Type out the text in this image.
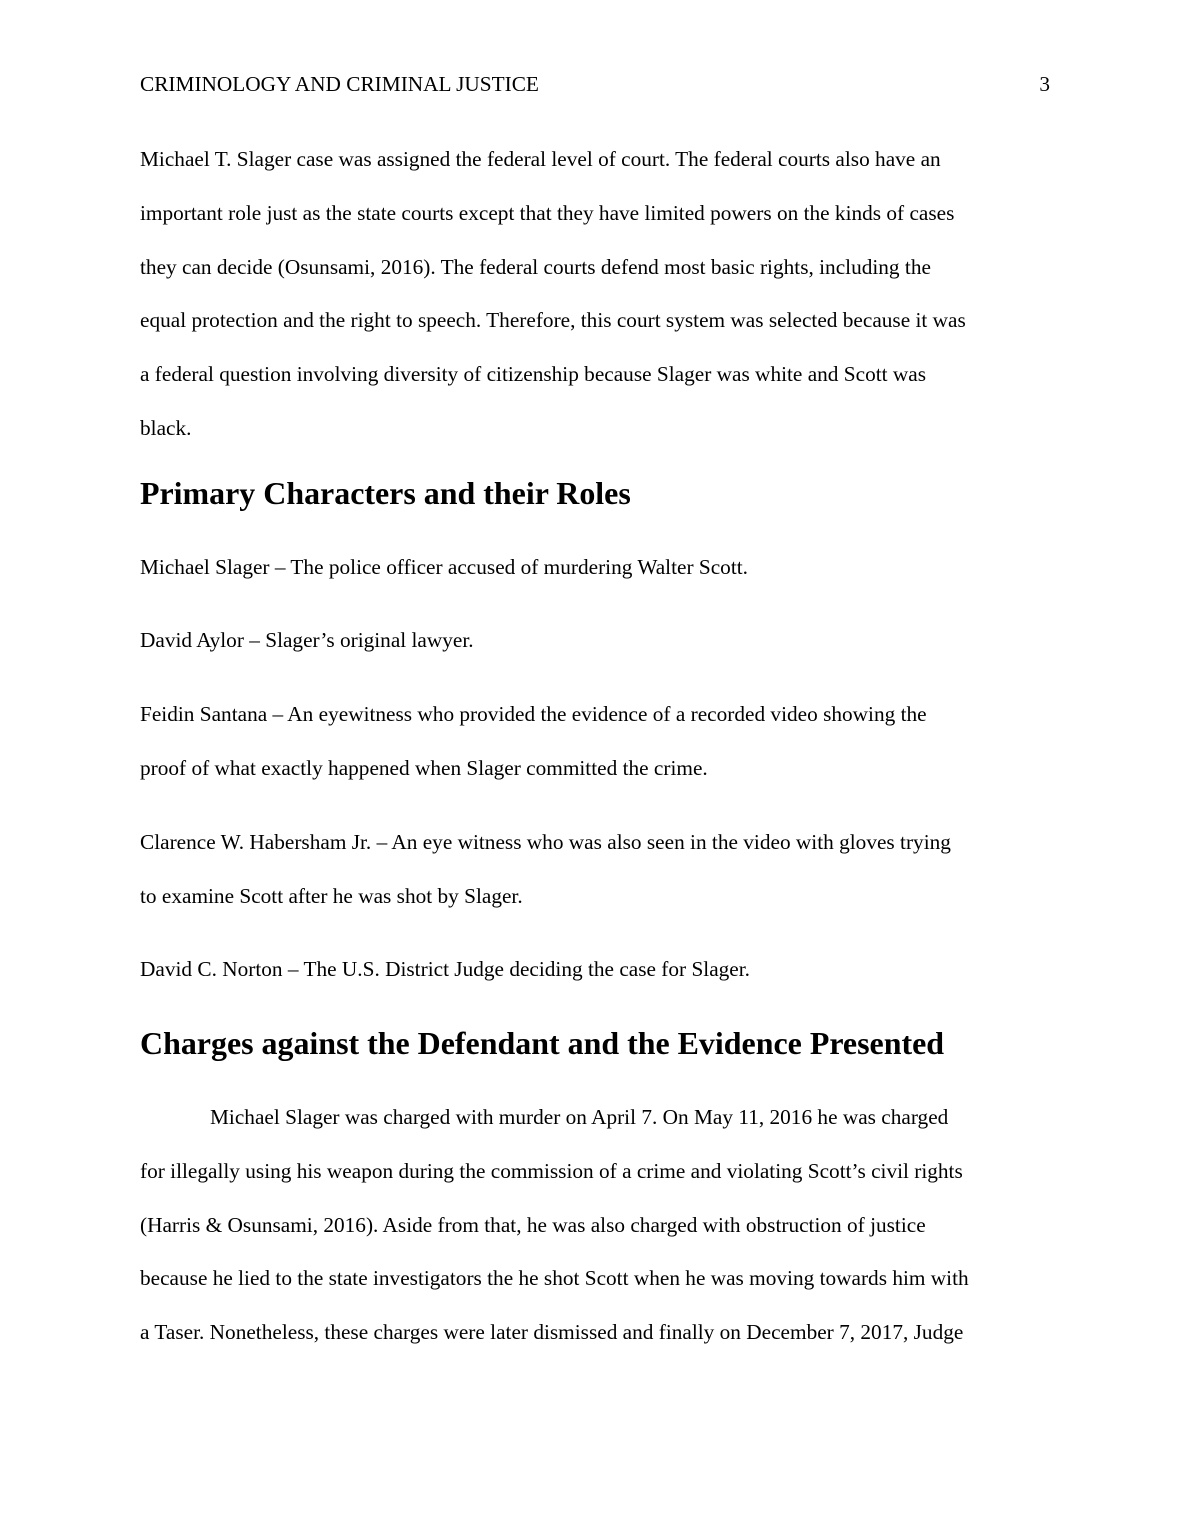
CRIMINOLOGY AND CRIMINAL JUSTICE	3

Michael T. Slager case was assigned the federal level of court. The federal courts also have an
important role just as the state courts except that they have limited powers on the kinds of cases
they can decide (Osunsami, 2016). The federal courts defend most basic rights, including the
equal protection and the right to speech. Therefore, this court system was selected because it was
a federal question involving diversity of citizenship because Slager was white and Scott was
black.

Primary Characters and their Roles

Michael Slager – The police officer accused of murdering Walter Scott.

David Aylor – Slager’s original lawyer.

Feidin Santana – An eyewitness who provided the evidence of a recorded video showing the
proof of what exactly happened when Slager committed the crime.

Clarence W. Habersham Jr. – An eye witness who was also seen in the video with gloves trying
to examine Scott after he was shot by Slager.

David C. Norton – The U.S. District Judge deciding the case for Slager.

Charges against the Defendant and the Evidence Presented

Michael Slager was charged with murder on April 7. On May 11, 2016 he was charged
for illegally using his weapon during the commission of a crime and violating Scott’s civil rights
(Harris & Osunsami, 2016). Aside from that, he was also charged with obstruction of justice
because he lied to the state investigators the he shot Scott when he was moving towards him with
a Taser. Nonetheless, these charges were later dismissed and finally on December 7, 2017, Judge
